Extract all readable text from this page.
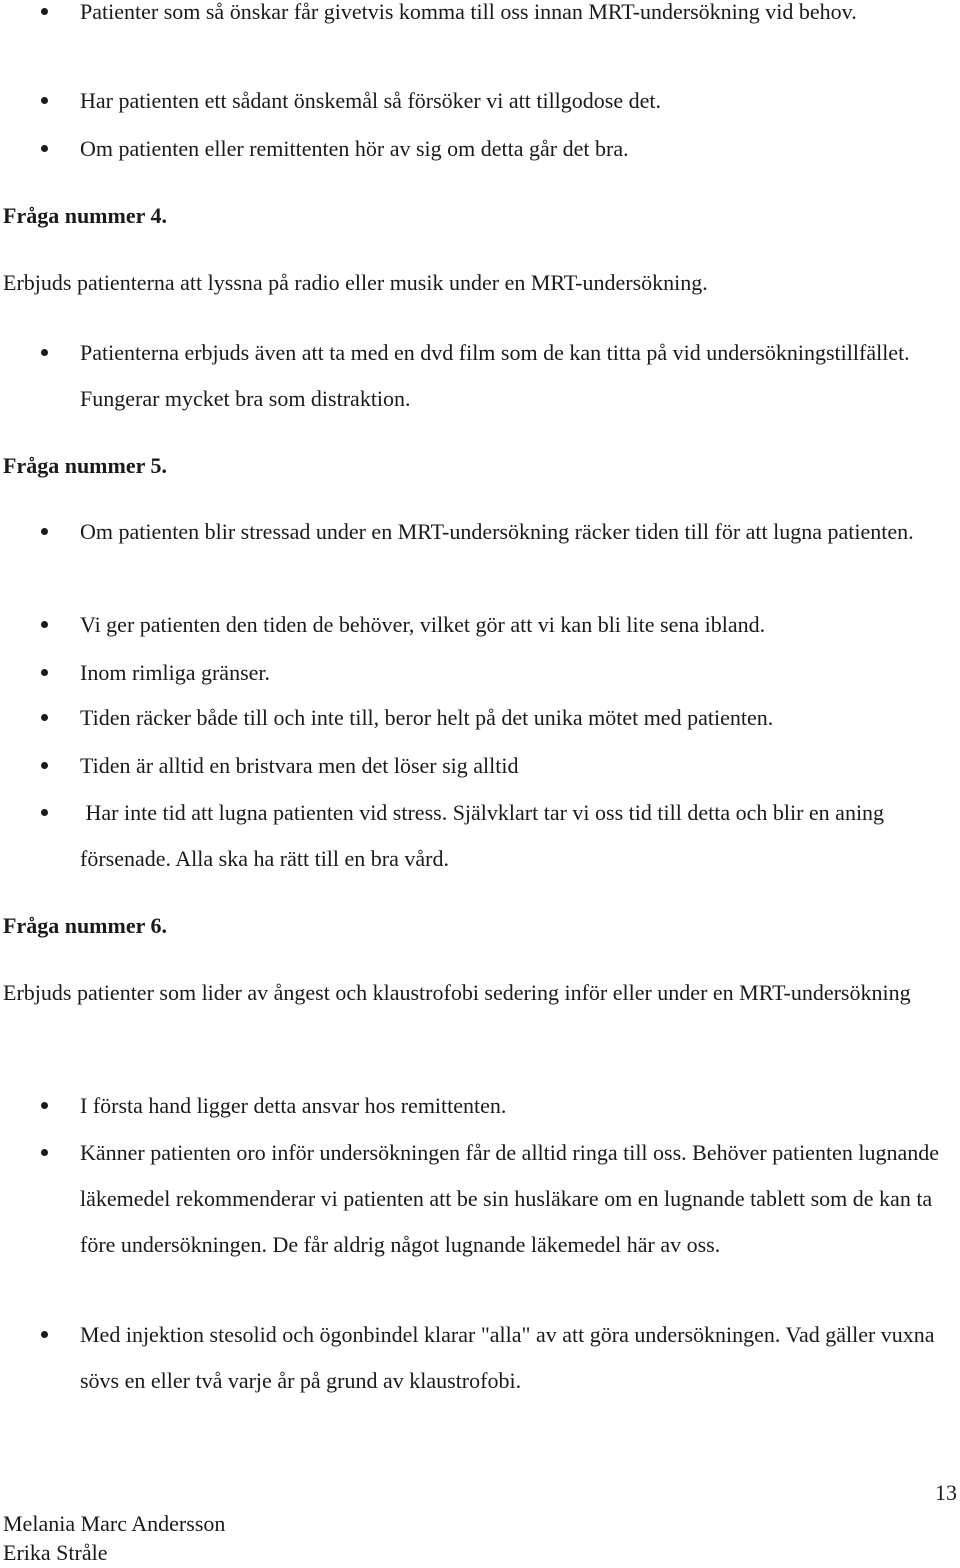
Patienter som så önskar får givetvis komma till oss innan MRT-undersökning vid behov.
Har patienten ett sådant önskemål så försöker vi att tillgodose det.
Om patienten eller remittenten hör av sig om detta går det bra.
Fråga nummer 4.
Erbjuds patienterna att lyssna på radio eller musik under en MRT-undersökning.
Patienterna erbjuds även att ta med en dvd film som de kan titta på vid undersökningstillfället. Fungerar mycket bra som distraktion.
Fråga nummer 5.
Om patienten blir stressad under en MRT-undersökning räcker tiden till för att lugna patienten.
Vi ger patienten den tiden de behöver, vilket gör att vi kan bli lite sena ibland.
Inom rimliga gränser.
Tiden räcker både till och inte till, beror helt på det unika mötet med patienten.
Tiden är alltid en bristvara men det löser sig alltid
Har inte tid att lugna patienten vid stress. Självklart tar vi oss tid till detta och blir en aning försenade. Alla ska ha rätt till en bra vård.
Fråga nummer 6.
Erbjuds patienter som lider av ångest och klaustrofobi sedering inför eller under en MRT-undersökning
I första hand ligger detta ansvar hos remittenten.
Känner patienten oro inför undersökningen får de alltid ringa till oss. Behöver patienten lugnande läkemedel rekommenderar vi patienten att be sin husläkare om en lugnande tablett som de kan ta före undersökningen. De får aldrig något lugnande läkemedel här av oss.
Med injektion stesolid och ögonbindel klarar "alla" av att göra undersökningen. Vad gäller vuxna sövs en eller två varje år på grund av klaustrofobi.
Melania Marc Andersson
Erika Stråle
13
